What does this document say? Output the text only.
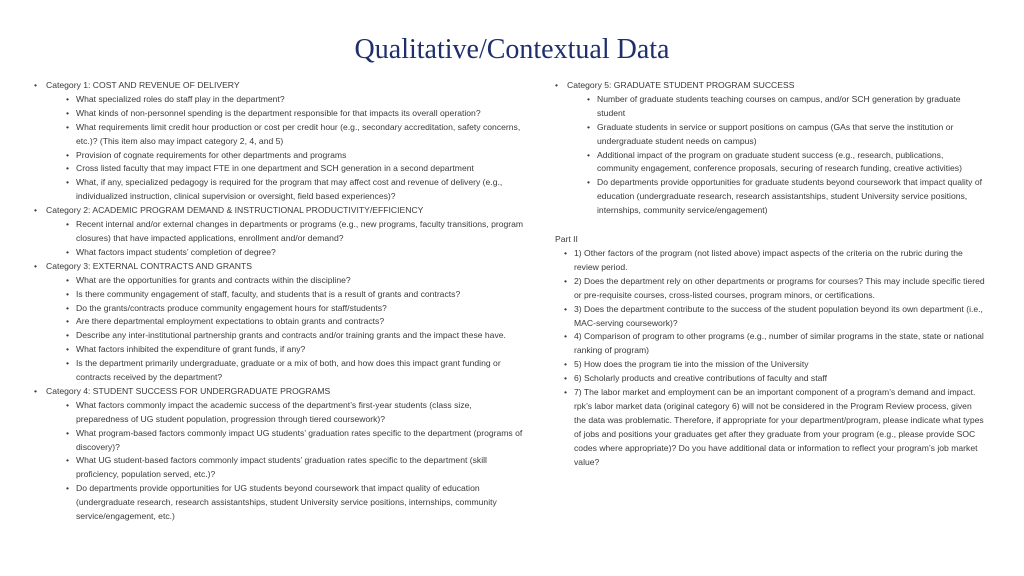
Qualitative/Contextual Data
• Category 1: COST AND REVENUE OF DELIVERY
• What specialized roles do staff play in the department?
• What kinds of non-personnel spending is the department responsible for that impacts its overall operation?
• What requirements limit credit hour production or cost per credit hour (e.g., secondary accreditation, safety concerns, etc.)? (This item also may impact category 2, 4, and 5)
• Provision of cognate requirements for other departments and programs
• Cross listed faculty that may impact FTE in one department and SCH generation in a second department
• What, if any, specialized pedagogy is required for the program that may affect cost and revenue of delivery (e.g., individualized instruction, clinical supervision or oversight, field based experiences)?
• Category 2: ACADEMIC PROGRAM DEMAND & INSTRUCTIONAL PRODUCTIVITY/EFFICIENCY
• Recent internal and/or external changes in departments or programs (e.g., new programs, faculty transitions, program closures) that have impacted applications, enrollment and/or demand?
• What factors impact students’ completion of degree?
• Category 3: EXTERNAL CONTRACTS AND GRANTS
• What are the opportunities for grants and contracts within the discipline?
• Is there community engagement of staff, faculty, and students that is a result of grants and contracts?
• Do the grants/contracts produce community engagement hours for staff/students?
• Are there departmental employment expectations to obtain grants and contracts?
• Describe any inter-institutional partnership grants and contracts and/or training grants and the impact these have.
• What factors inhibited the expenditure of grant funds, if any?
• Is the department primarily undergraduate, graduate or a mix of both, and how does this impact grant funding or contracts received by the department?
• Category 4: STUDENT SUCCESS FOR UNDERGRADUATE PROGRAMS
• What factors commonly impact the academic success of the department’s first-year students (class size, preparedness of UG student population, progression through tiered coursework)?
• What program-based factors commonly impact UG students’ graduation rates specific to the department (programs of discovery)?
• What UG student-based factors commonly impact students’ graduation rates specific to the department (skill proficiency, population served, etc.)?
• Do departments provide opportunities for UG students beyond coursework that impact quality of education (undergraduate research, research assistantships, student University service positions, internships, community service/engagement, etc.)
• Category 5: GRADUATE STUDENT PROGRAM SUCCESS
• Number of graduate students teaching courses on campus, and/or SCH generation by graduate student
• Graduate students in service or support positions on campus (GAs that serve the institution or undergraduate student needs on campus)
• Additional impact of the program on graduate student success (e.g., research, publications, community engagement, conference proposals, securing of research funding, creative activities)
• Do departments provide opportunities for graduate students beyond coursework that impact quality of education (undergraduate research, research assistantships, student University service positions, internships, community service/engagement)
Part II
• 1) Other factors of the program (not listed above) impact aspects of the criteria on the rubric during the review period.
• 2) Does the department rely on other departments or programs for courses? This may include specific tiered or pre-requisite courses, cross-listed courses, program minors, or certifications.
• 3) Does the department contribute to the success of the student population beyond its own department (i.e., MAC-serving coursework)?
• 4) Comparison of program to other programs (e.g., number of similar programs in the state, state or national ranking of program)
• 5) How does the program tie into the mission of the University
• 6) Scholarly products and creative contributions of faculty and staff
• 7) The labor market and employment can be an important component of a program’s demand and impact. rpk’s labor market data (original category 6) will not be considered in the Program Review process, given the data was problematic. Therefore, if appropriate for your department/program, please indicate what types of jobs and positions your graduates get after they graduate from your program (e.g., please provide SOC codes where appropriate)? Do you have additional data or information to reflect your program’s job market value?
